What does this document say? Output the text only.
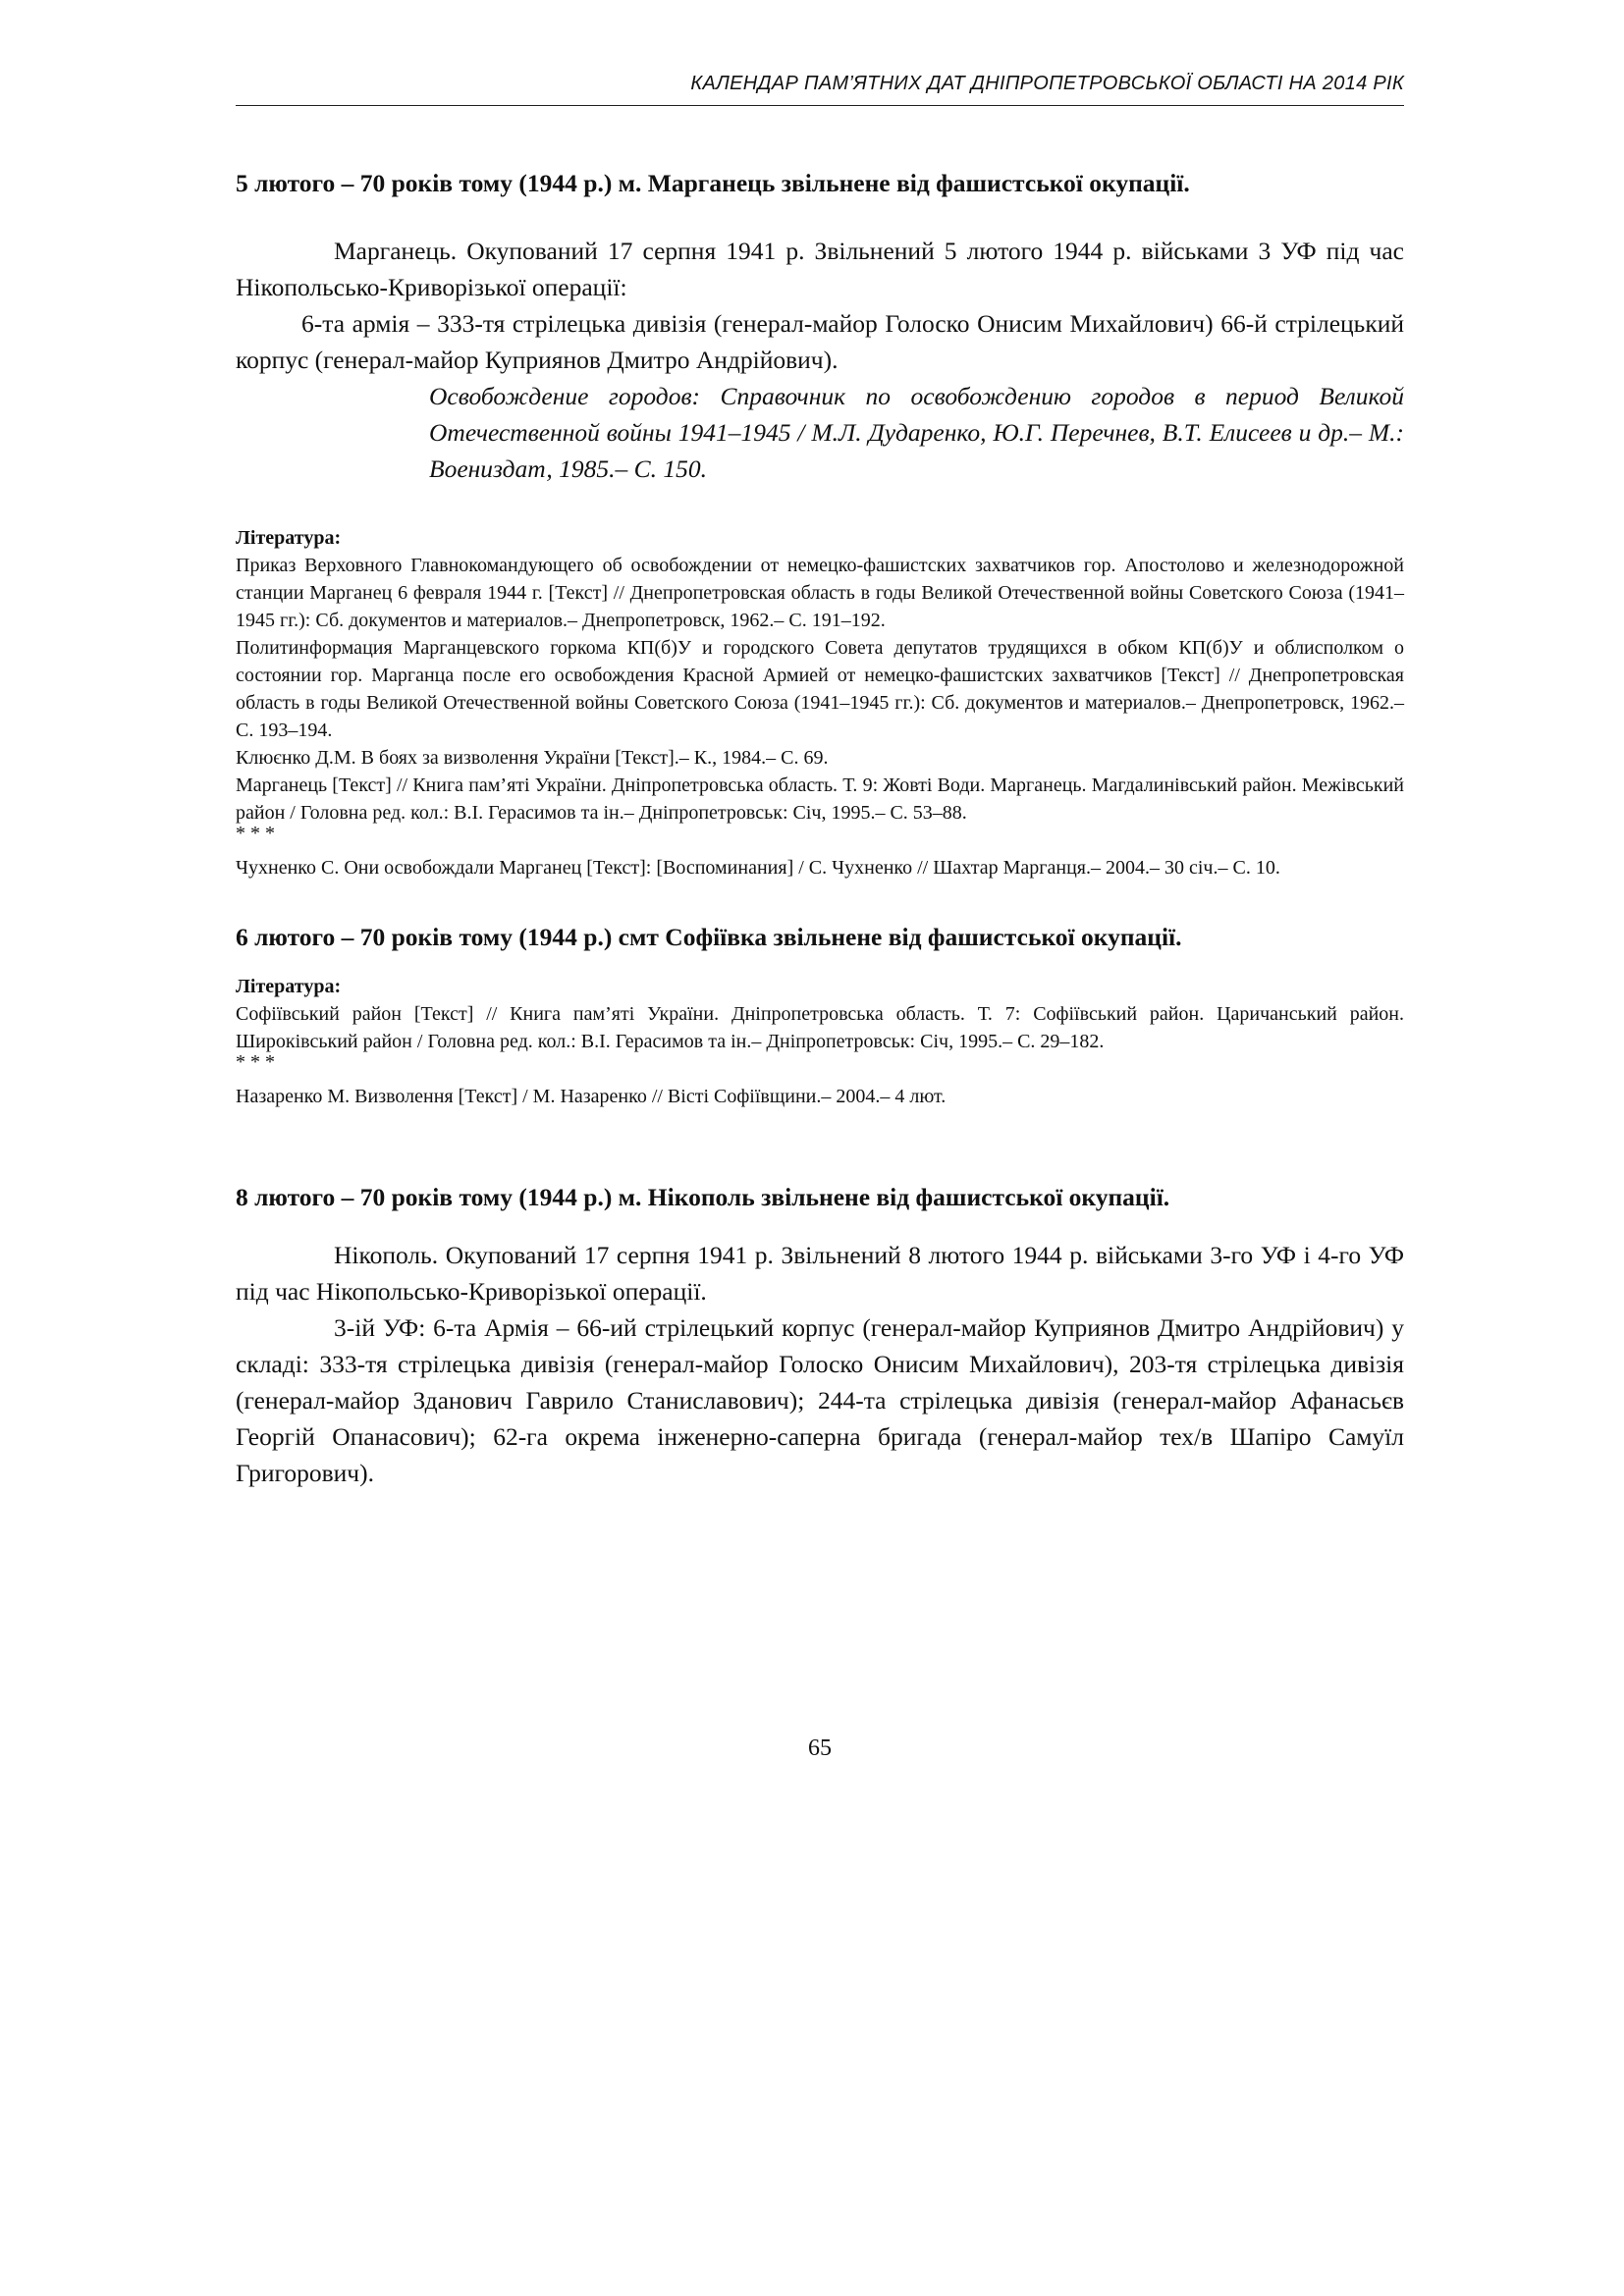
КАЛЕНДАР ПАМ’ЯТНИХ ДАТ ДНІПРОПЕТРОВСЬКОЇ ОБЛАСТІ НА 2014 РІК

5 лютого – 70 років тому (1944 р.) м. Марганець звільнене від фашистської окупації.

Марганець. Окупований 17 серпня 1941 р. Звільнений 5 лютого 1944 р. військами 3 УФ під час Нікопольсько-Криворізької операції:

6-та армія – 333-тя стрілецька дивізія (генерал-майор Голоско Онисим Михайлович) 66-й стрілецький корпус (генерал-майор Куприянов Дмитро Андрійович).

Освобождение городов: Справочник по освобождению городов в период Великой Отечественной войны 1941–1945 / М.Л. Дударенко, Ю.Г. Перечнев, В.Т. Елисеев и др.– М.: Воениздат, 1985.– С. 150.

Література:

Приказ Верховного Главнокомандующего об освобождении от немецко-фашистских захватчиков гор. Апостолово и железнодорожной станции Марганец 6 февраля 1944 г. [Текст] // Днепропетровская область в годы Великой Отечественной войны Советского Союза (1941–1945 гг.): Сб. документов и материалов.– Днепропетровск, 1962.– С. 191–192.

Политинформация Марганцевского горкома КП(б)У и городского Совета депутатов трудящихся в обком КП(б)У и облисполком о состоянии гор. Марганца после его освобождения Красной Армией от немецко-фашистских захватчиков [Текст] // Днепропетровская область в годы Великой Отечественной войны Советского Союза (1941–1945 гг.): Сб. документов и материалов.– Днепропетровск, 1962.– С. 193–194.

Клюєнко Д.М. В боях за визволення України [Текст].– К., 1984.– С. 69.

Марганець [Текст] // Книга пам’яті України. Дніпропетровська область. Т. 9: Жовті Води. Марганець. Магдалинівський район. Межівський район / Головна ред. кол.: В.І. Герасимов та ін.– Дніпропетровськ: Січ, 1995.– С. 53–88.

* * *

Чухненко С. Они освобождали Марганец [Текст]: [Воспоминания] / С. Чухненко // Шахтар Марганця.– 2004.– 30 січ.– С. 10.

6 лютого – 70 років тому (1944 р.) смт Софіївка звільнене від фашистської окупації.

Література:

Софіївський район [Текст] // Книга пам’яті України. Дніпропетровська область. Т. 7: Софіївський район. Царичанський район. Широківський район / Головна ред. кол.: В.І. Герасимов та ін.– Дніпропетровськ: Січ, 1995.– С. 29–182.

* * *

Назаренко М. Визволення [Текст] / М. Назаренко // Вісті Софіївщини.– 2004.– 4 лют.

8 лютого – 70 років тому (1944 р.) м. Нікополь звільнене від фашистської окупації.

Нікополь. Окупований 17 серпня 1941 р. Звільнений 8 лютого 1944 р. військами 3-го УФ і 4-го УФ під час Нікопольсько-Криворізької операції.

3-ій УФ: 6-та Армія – 66-ий стрілецький корпус (генерал-майор Куприянов Дмитро Андрійович) у складі: 333-тя стрілецька дивізія (генерал-майор Голоско Онисим Михайлович), 203-тя стрілецька дивізія (генерал-майор Зданович Гаврило Станиславович); 244-та стрілецька дивізія (генерал-майор Афанасьєв Георгій Опанасович); 62-га окрема інженерно-саперна бригада (генерал-майор тех/в Шапіро Самуїл Григорович).

65
